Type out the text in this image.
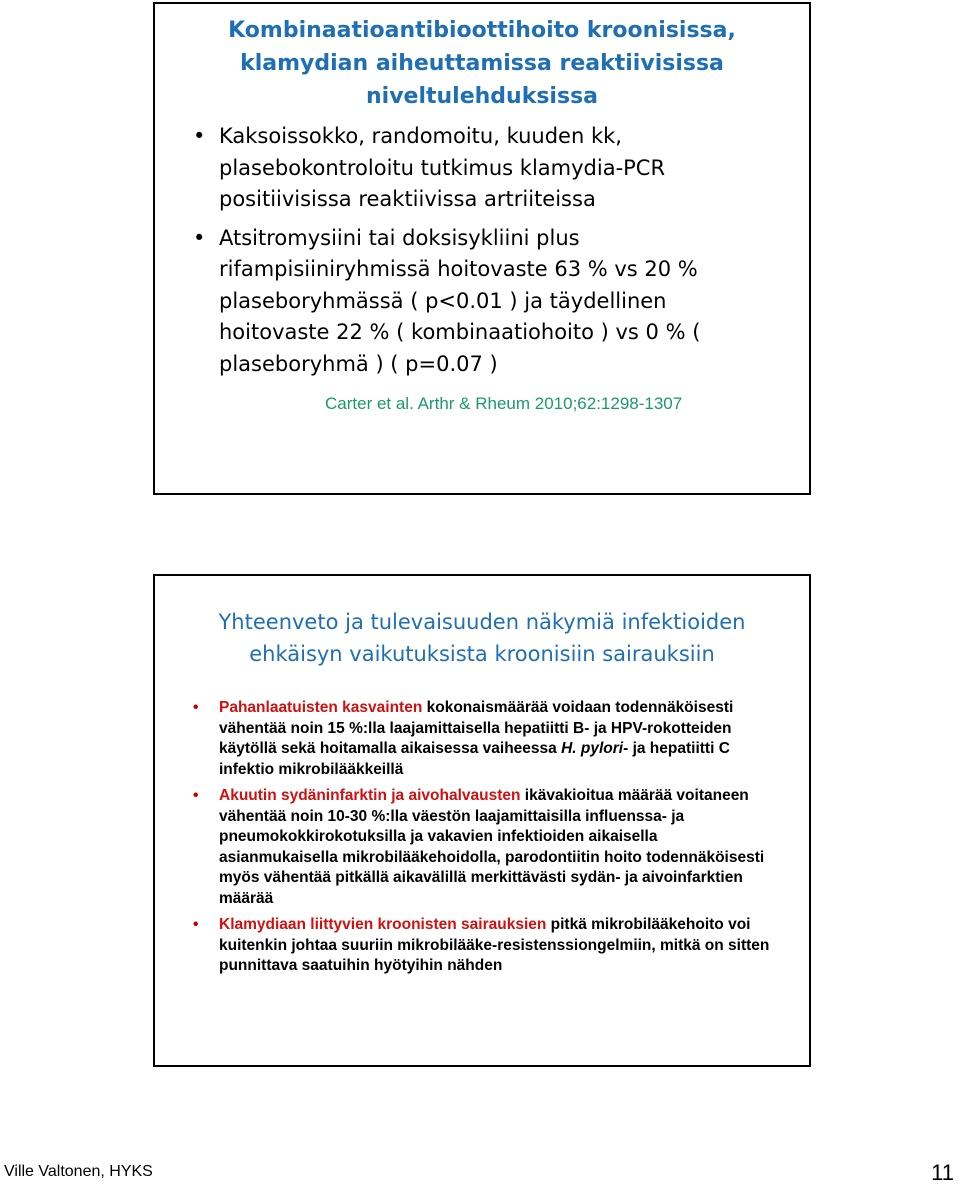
Kombinaatioantibioottihoito kroonisissa,
klamydian aiheuttamissa reaktiivisissa
niveltulehduksissa
• Kaksoissokko, randomoitu, kuuden kk, plasebokontroloitu tutkimus klamydia-PCR positiivisissa reaktiivissa artriiteissa
• Atsitromysiini tai doksisykliini plus rifampisiiniryhmissä hoitovaste 63 % vs 20 % plaseboryhmässä ( p<0.01 ) ja täydellinen hoitovaste 22 % ( kombinaatiohoito ) vs 0 % ( plaseboryhmä ) ( p=0.07 )
Carter et al. Arthr & Rheum 2010;62:1298-1307
Yhteenveto ja tulevaisuuden näkymiä infektioiden
ehkäisyn vaikutuksista kroonisiin sairauksiin
• Pahanlaatuisten kasvainten kokonaismäärää voidaan todennäköisesti vähentää noin 15 %:lla laajamittaisella hepatiitti B- ja HPV-rokotteiden käytöllä sekä hoitamalla aikaisessa vaiheessa H. pylori- ja hepatiitti C infektio mikrobilääkkeillä
• Akuutin sydäninfarktin ja aivohalvausten ikävakioitua määrää voitaneen vähentää noin 10-30 %:lla väestön laajamittaisilla influenssa- ja pneumokokkirokotuksilla ja vakavien infektioiden aikaisella asianmukaisella mikrobilääkehoidolla, parodontiitin hoito todennäköisesti myös vähentää pitkällä aikavälillä merkittävästi sydän- ja aivoinfarktien määrää
• Klamydiaan liittyvien kroonisten sairauksien pitkä mikrobilääkehoito voi kuitenkin johtaa suuriin mikrobilääke-resistenssiongelmiin, mitkä on sitten punnittava saatuihin hyötyihin nähden
Ville Valtonen, HYKS	11
